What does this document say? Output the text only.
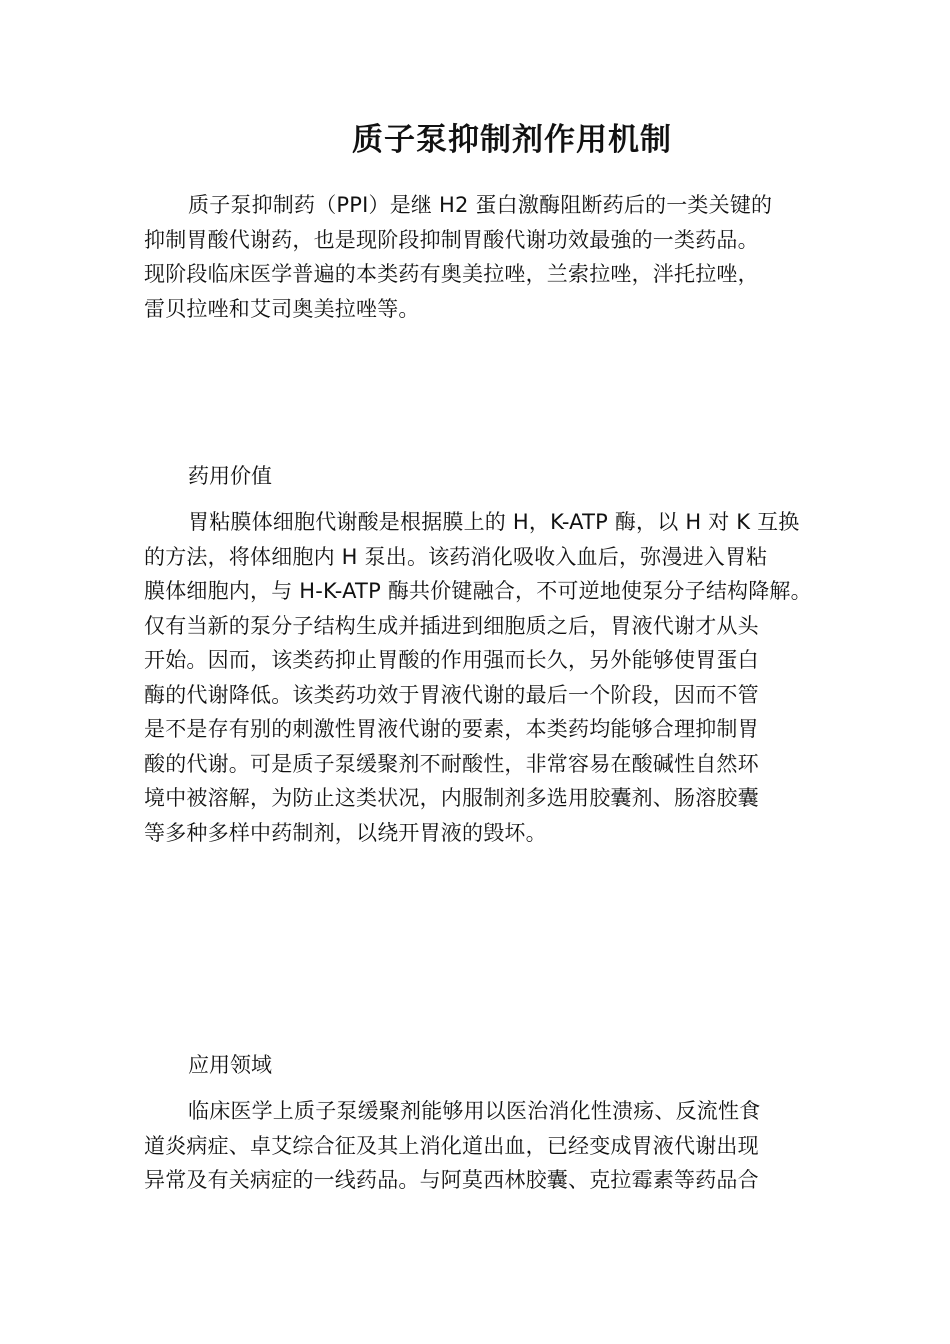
质子泵抑制剂作用机制
质子泵抑制药（PPI）是继 H2 蛋白激酶阻断药后的一类关键的
抑制胃酸代谢药，也是现阶段抑制胃酸代谢功效最強的一类药品。
现阶段临床医学普遍的本类药有奥美拉唑，兰索拉唑，泮托拉唑，
雷贝拉唑和艾司奥美拉唑等。
药用价值
胃粘膜体细胞代谢酸是根据膜上的 H，K-ATP 酶，以 H 对 K 互换
的方法，将体细胞内 H 泵出。该药消化吸收入血后，弥漫进入胃粘
膜体细胞内，与 H-K-ATP 酶共价键融合，不可逆地使泵分子结构降解。
仅有当新的泵分子结构生成并插进到细胞质之后，胃液代谢才从头
开始。因而，该类药抑止胃酸的作用强而长久，另外能够使胃蛋白
酶的代谢降低。该类药功效于胃液代谢的最后一个阶段，因而不管
是不是存有别的刺激性胃液代谢的要素，本类药均能够合理抑制胃
酸的代谢。可是质子泵缓聚剂不耐酸性，非常容易在酸碱性自然环
境中被溶解，为防止这类状况，内服制剂多选用胶囊剂、肠溶胶囊
等多种多样中药制剂，以绕开胃液的毁坏。
应用领域
临床医学上质子泵缓聚剂能够用以医治消化性溃疡、反流性食
道炎病症、卓艾综合征及其上消化道出血，已经变成胃液代谢出现
异常及有关病症的一线药品。与阿莫西林胶囊、克拉霉素等药品合
